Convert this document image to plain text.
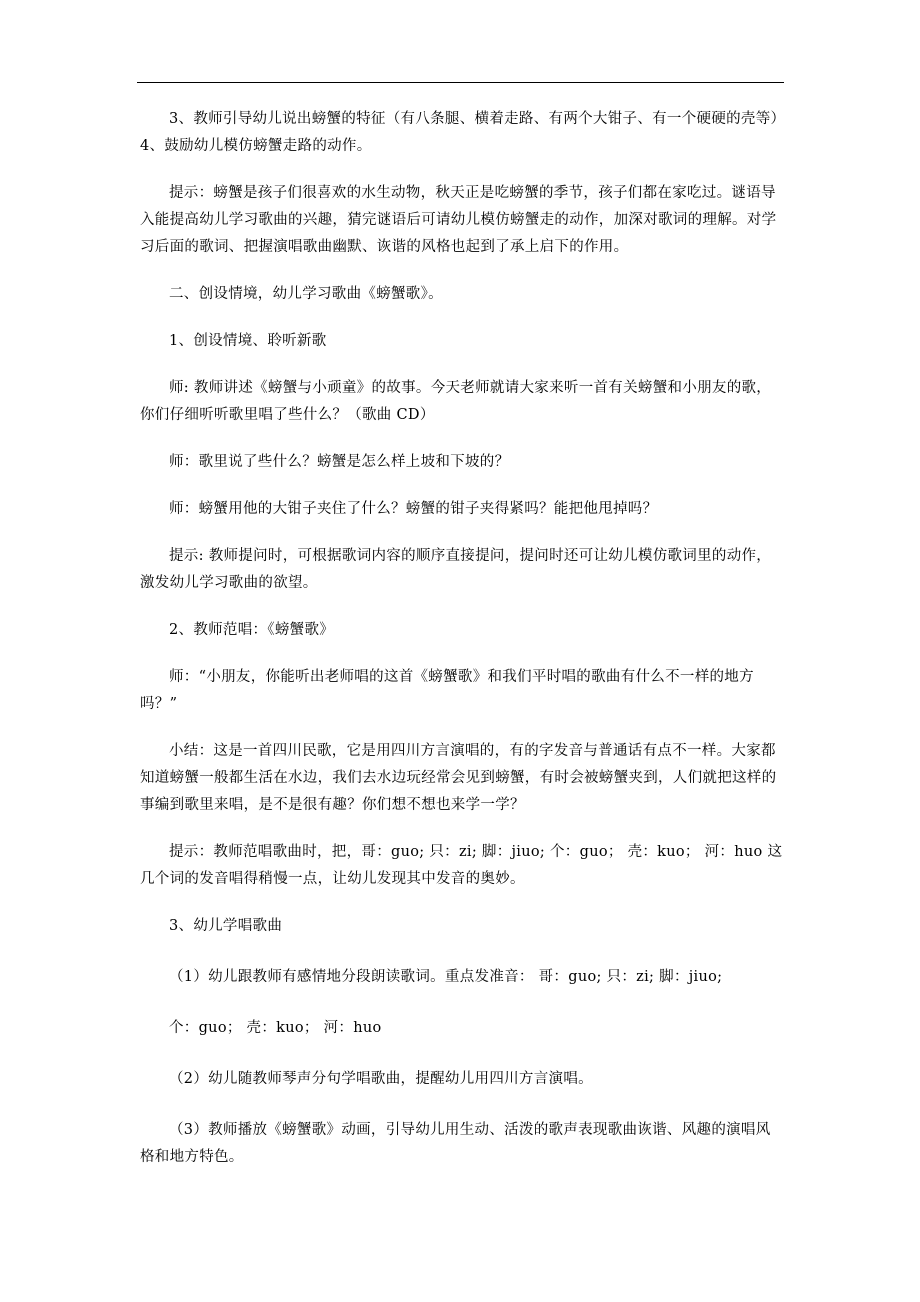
3、教师引导幼儿说出螃蟹的特征（有八条腿、横着走路、有两个大钳子、有一个硬硬的壳等）4、鼓励幼儿模仿螃蟹走路的动作。

提示：螃蟹是孩子们很喜欢的水生动物，秋天正是吃螃蟹的季节，孩子们都在家吃过。谜语导入能提高幼儿学习歌曲的兴趣，猜完谜语后可请幼儿模仿螃蟹走的动作，加深对歌词的理解。对学习后面的歌词、把握演唱歌曲幽默、诙谐的风格也起到了承上启下的作用。

二、创设情境，幼儿学习歌曲《螃蟹歌》。

1、创设情境、聆听新歌

师: 教师讲述《螃蟹与小顽童》的故事。今天老师就请大家来听一首有关螃蟹和小朋友的歌，你们仔细听听歌里唱了些什么？（歌曲 CD）

师：歌里说了些什么？螃蟹是怎么样上坡和下坡的？

师：螃蟹用他的大钳子夹住了什么？螃蟹的钳子夹得紧吗？能把他甩掉吗？

提示: 教师提问时，可根据歌词内容的顺序直接提问，提问时还可让幼儿模仿歌词里的动作，激发幼儿学习歌曲的欲望。

2、教师范唱：《螃蟹歌》

师：“小朋友，你能听出老师唱的这首《螃蟹歌》和我们平时唱的歌曲有什么不一样的地方吗？”

小结：这是一首四川民歌，它是用四川方言演唱的，有的字发音与普通话有点不一样。大家都知道螃蟹一般都生活在水边，我们去水边玩经常会见到螃蟹，有时会被螃蟹夹到，人们就把这样的事编到歌里来唱，是不是很有趣？你们想不想也来学一学？

提示：教师范唱歌曲时，把，哥：guo; 只：zi; 脚：jiuo; 个：guo； 壳：kuo； 河：huo 这几个词的发音唱得稍慢一点，让幼儿发现其中发音的奥妙。

3、幼儿学唱歌曲

（1）幼儿跟教师有感情地分段朗读歌词。重点发准音： 哥：guo; 只：zi; 脚：jiuo;

个：guo； 壳：kuo； 河：huo

（2）幼儿随教师琴声分句学唱歌曲，提醒幼儿用四川方言演唱。

（3）教师播放《螃蟹歌》动画，引导幼儿用生动、活泼的歌声表现歌曲诙谐、风趣的演唱风格和地方特色。
